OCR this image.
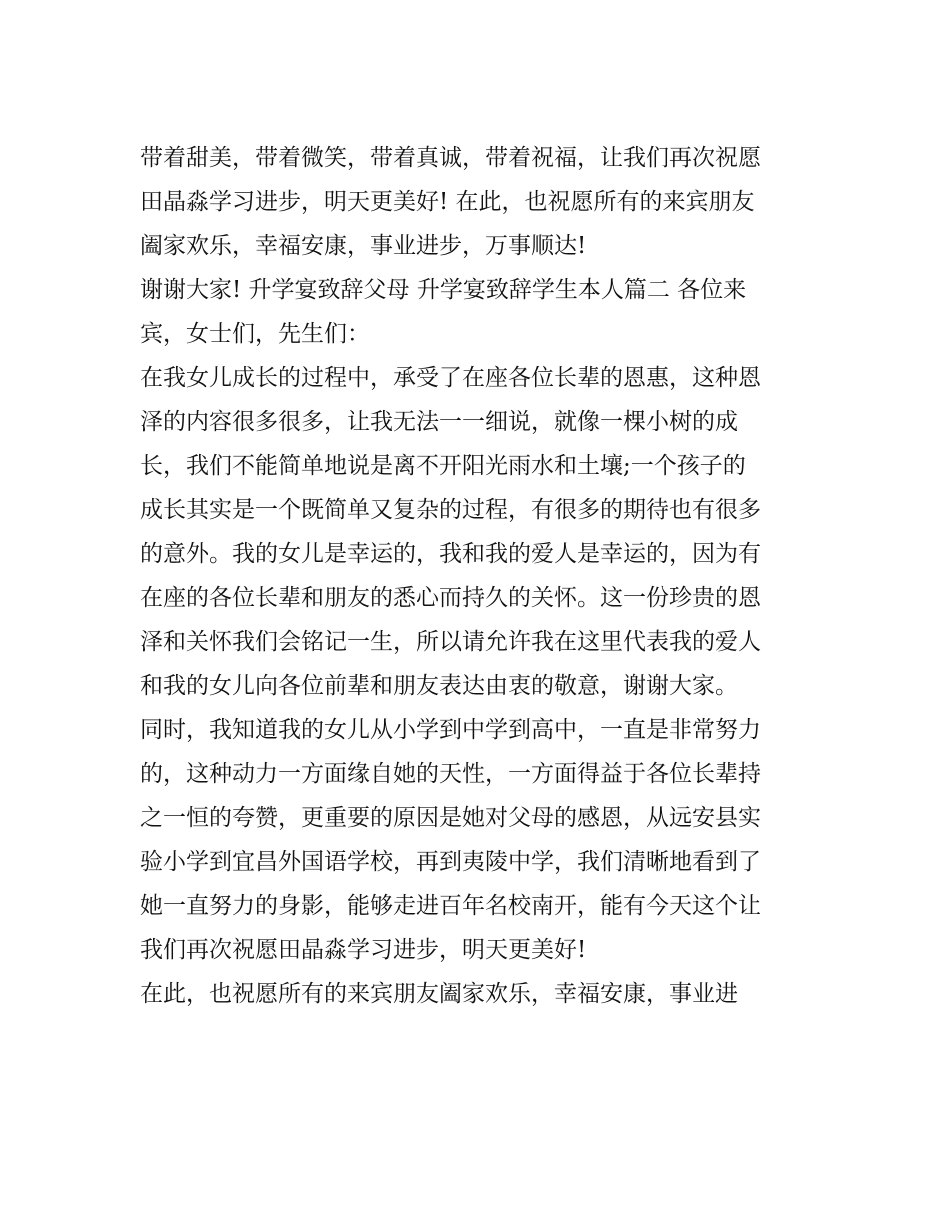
带着甜美，带着微笑，带着真诚，带着祝福，让我们再次祝愿
田晶淼学习进步，明天更美好! 在此，也祝愿所有的来宾朋友
阖家欢乐，幸福安康，事业进步，万事顺达!
谢谢大家! 升学宴致辞父母 升学宴致辞学生本人篇二 各位来
宾，女士们，先生们：
在我女儿成长的过程中，承受了在座各位长辈的恩惠，这种恩
泽的内容很多很多，让我无法一一细说，就像一棵小树的成
长，我们不能简单地说是离不开阳光雨水和土壤;一个孩子的
成长其实是一个既简单又复杂的过程，有很多的期待也有很多
的意外。我的女儿是幸运的，我和我的爱人是幸运的，因为有
在座的各位长辈和朋友的悉心而持久的关怀。这一份珍贵的恩
泽和关怀我们会铭记一生，所以请允许我在这里代表我的爱人
和我的女儿向各位前辈和朋友表达由衷的敬意，谢谢大家。
同时，我知道我的女儿从小学到中学到高中，一直是非常努力
的，这种动力一方面缘自她的天性，一方面得益于各位长辈持
之一恒的夸赞，更重要的原因是她对父母的感恩，从远安县实
验小学到宜昌外国语学校，再到夷陵中学，我们清晰地看到了
她一直努力的身影，能够走进百年名校南开，能有今天这个让
我们再次祝愿田晶淼学习进步，明天更美好!
在此，也祝愿所有的来宾朋友阖家欢乐，幸福安康，事业进
